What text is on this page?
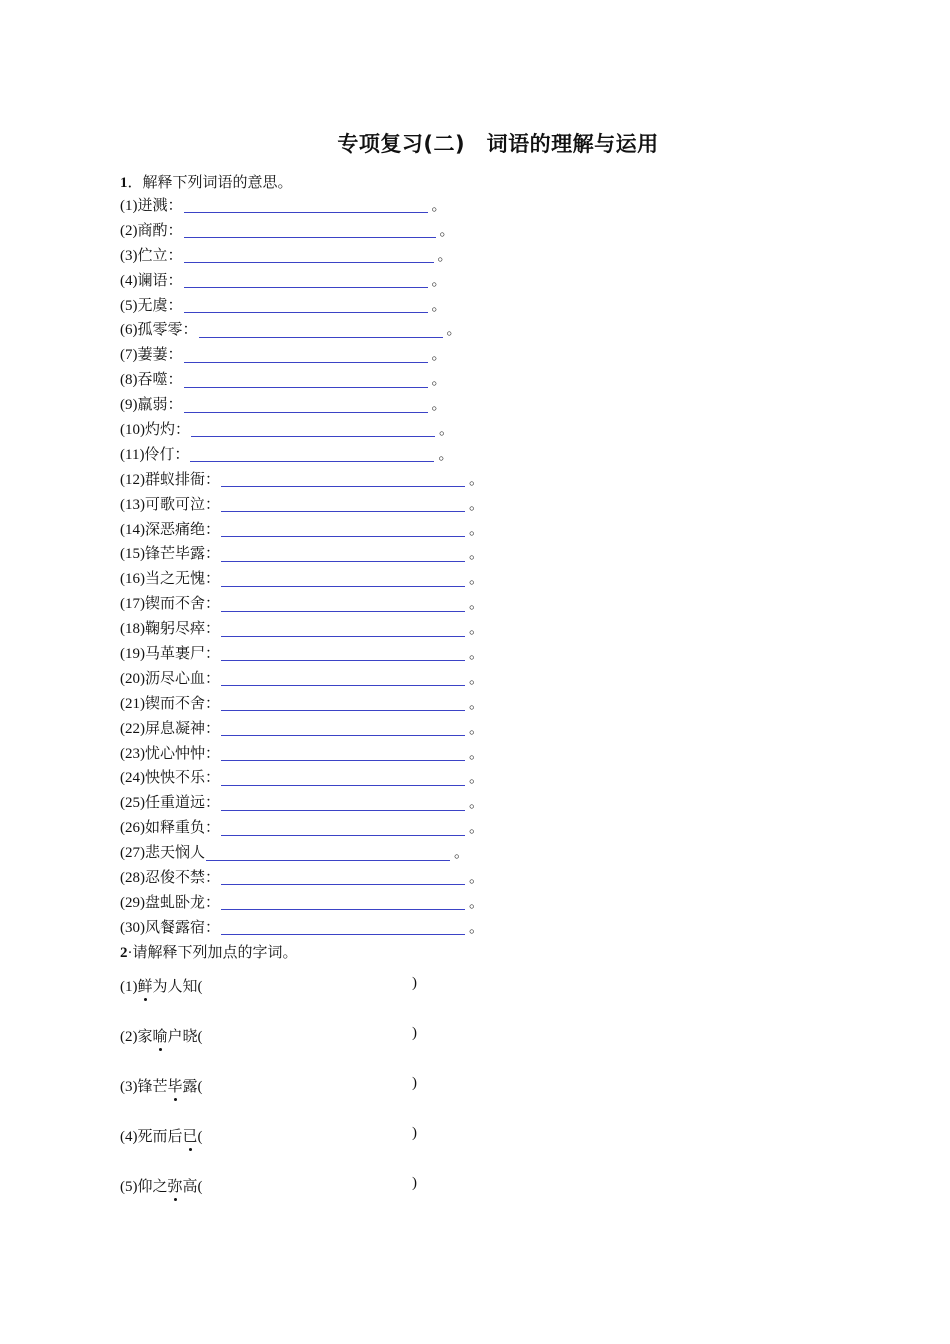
专项复习(二)　词语的理解与运用
1．解释下列词语的意思。
(1)迸溅：	。
(2)商酌：	。
(3)伫立：	。
(4)谰语：	。
(5)无虞：	。
(6)孤零零：	。
(7)萋萋：	。
(8)吞噬：	。
(9)羸弱：	。
(10)灼灼：	。
(11)伶仃：	。
(12)群蚁排衙：	。
(13)可歌可泣：	。
(14)深恶痛绝：	。
(15)锋芒毕露：	。
(16)当之无愧：	。
(17)锲而不舍：	。
(18)鞠躬尽瘁：	。
(19)马革裹尸：	。
(20)沥尽心血：	。
(21)锲而不舍：	。
(22)屏息凝神：	。
(23)忧心忡忡：	。
(24)怏怏不乐：	。
(25)任重道远：	。
(26)如释重负：	。
(27)悲天悯人	。
(28)忍俊不禁：	。
(29)盘虬卧龙：	。
(30)风餐露宿：	。
2·请解释下列加点的字词。
(1)鲜为人知(	)
(2)家喻户晓(	)
(3)锋芒毕露(	)
(4)死而后已(	)
(5)仰之弥高(	)
